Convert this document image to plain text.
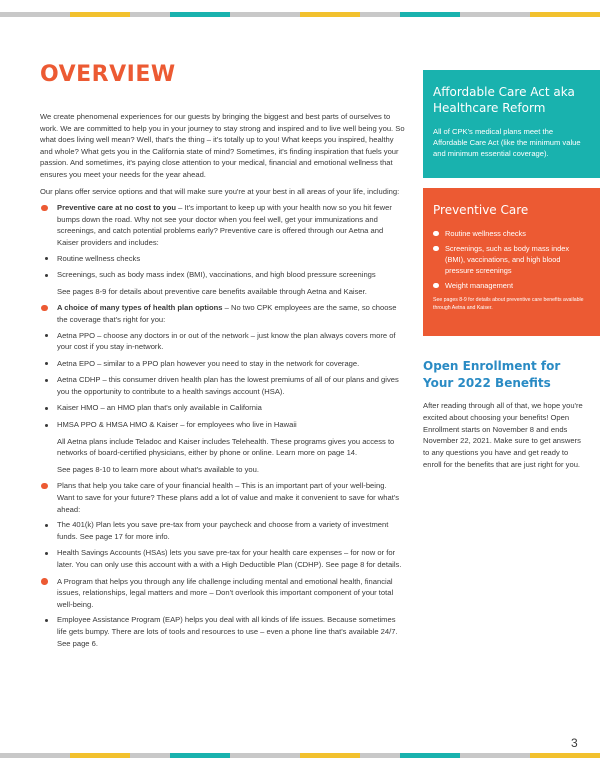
OVERVIEW

We create phenomenal experiences for our guests by bringing the biggest and best parts of ourselves to work. We are committed to help you in your journey to stay strong and inspired and to live well being you. So what does living well mean? Well, that's the thing – it's totally up to you! What keeps you inspired, healthy and whole? What gets you in the California state of mind? Sometimes, it's finding inspiration that fuels your passion. And sometimes, it's paying close attention to your medical, financial and emotional wellness that ensures you meet your needs for the year ahead.

Our plans offer service options and that will make sure you're at your best in all areas of your life, including:

Preventive care at no cost to you – It's important to keep up with your health now so you hit fewer bumps down the road. Why not see your doctor when you feel well, get your immunizations and screenings, and catch potential problems early? Preventive care is offered through our Aetna and Kaiser providers and includes:
Routine wellness checks
Screenings, such as body mass index (BMI), vaccinations, and high blood pressure screenings

See pages 8-9 for details about preventive care benefits available through Aetna and Kaiser.

A choice of many types of health plan options – No two CPK employees are the same, so choose the coverage that's right for you:
Aetna PPO – choose any doctors in or out of the network – just know the plan always covers more of your cost if you stay in-network.
Aetna EPO – similar to a PPO plan however you need to stay in the network for coverage.
Aetna CDHP – this consumer driven health plan has the lowest premiums of all of our plans and gives you the opportunity to contribute to a health savings account (HSA).
Kaiser HMO – an HMO plan that's only available in California
HMSA PPO & HMSA HMO & Kaiser – for employees who live in Hawaii

All Aetna plans include Teladoc and Kaiser includes Telehealth. These programs gives you access to networks of board-certified physicians, either by phone or online. Learn more on page 14.

See pages 8-10 to learn more about what's available to you.

Plans that help you take care of your financial health – This is an important part of your well-being. Want to save for your future? These plans add a lot of value and make it convenient to save for what's ahead:
The 401(k) Plan lets you save pre-tax from your paycheck and choose from a variety of investment funds. See page 17 for more info.
Health Savings Accounts (HSAs) lets you save pre-tax for your health care expenses – for now or for later. You can only use this account with a with a High Deductible Plan (CDHP). See page 8 for details.
A Program that helps you through any life challenge including mental and emotional health, financial issues, relationships, legal matters and more – Don't overlook this important component of your total well-being.
Employee Assistance Program (EAP) helps you deal with all kinds of life issues. Because sometimes life gets bumpy. There are lots of tools and resources to use – even a phone line that's available 24/7. See page 6.
Affordable Care Act aka Healthcare Reform

All of CPK's medical plans meet the Affordable Care Act (like the minimum value and minimum essential coverage).

Preventive Care
Routine wellness checks
Screenings, such as body mass index (BMI), vaccinations, and high blood pressure screenings
Weight management

See pages 8-9 for details about preventive care benefits available through Aetna and Kaiser.

Open Enrollment for Your 2022 Benefits

After reading through all of that, we hope you're excited about choosing your benefits! Open Enrollment starts on November 8 and ends November 22, 2021. Make sure to get answers to any questions you have and get ready to enroll for the benefits that are just right for you.

3
